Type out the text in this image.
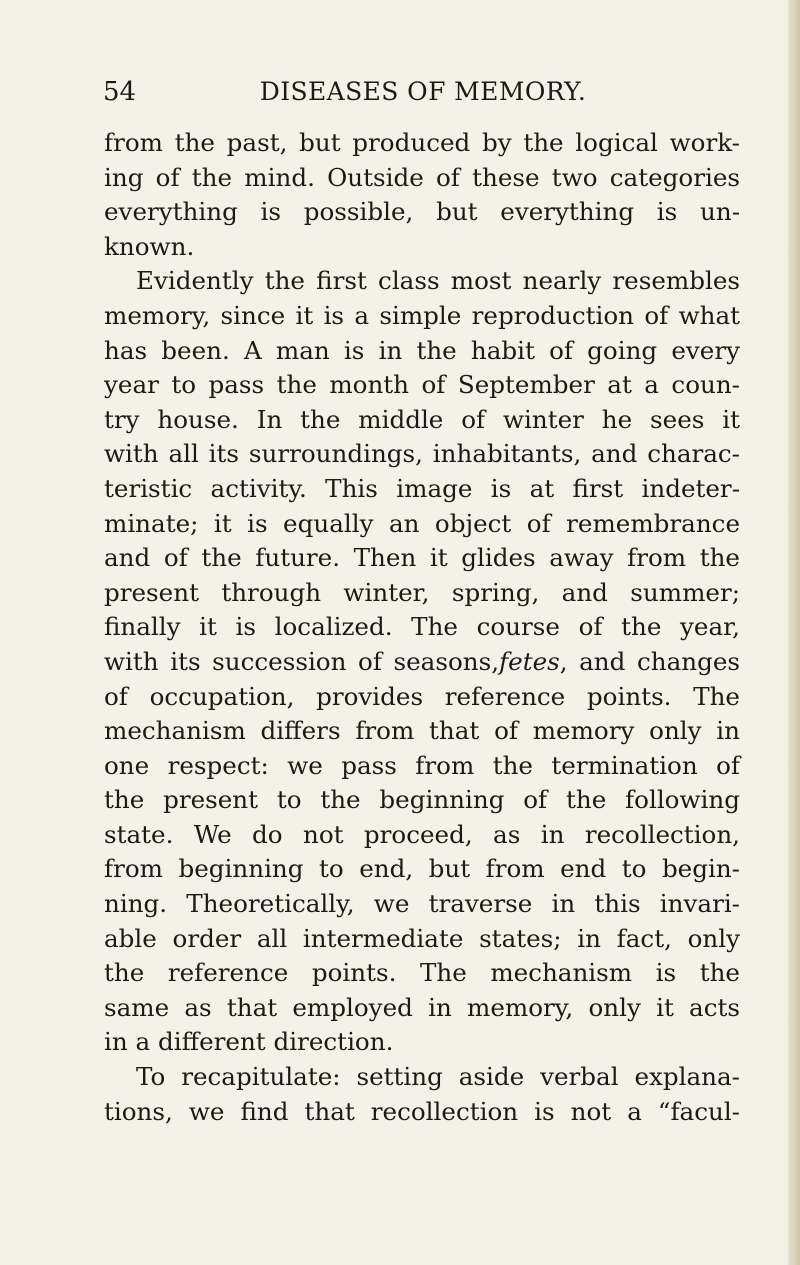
54	DISEASES OF MEMORY.
from the past, but produced by the logical work-
ing of the mind. Outside of these two categories
everything is possible, but everything is un-
known.
Evidently the first class most nearly resembles
memory, since it is a simple reproduction of what
has been. A man is in the habit of going every
year to pass the month of September at a coun-
try house. In the middle of winter he sees it
with all its surroundings, inhabitants, and charac-
teristic activity. This image is at first indeter-
minate; it is equally an object of remembrance
and of the future. Then it glides away from the
present through winter, spring, and summer;
finally it is localized. The course of the year,
with its succession of seasons,fetes, and changes
of occupation, provides reference points. The
mechanism differs from that of memory only in
one respect: we pass from the termination of
the present to the beginning of the following
state. We do not proceed, as in recollection,
from beginning to end, but from end to begin-
ning. Theoretically, we traverse in this invari-
able order all intermediate states; in fact, only
the reference points. The mechanism is the
same as that employed in memory, only it acts
in a different direction.
To recapitulate: setting aside verbal explana-
tions, we find that recollection is not a “facul-
